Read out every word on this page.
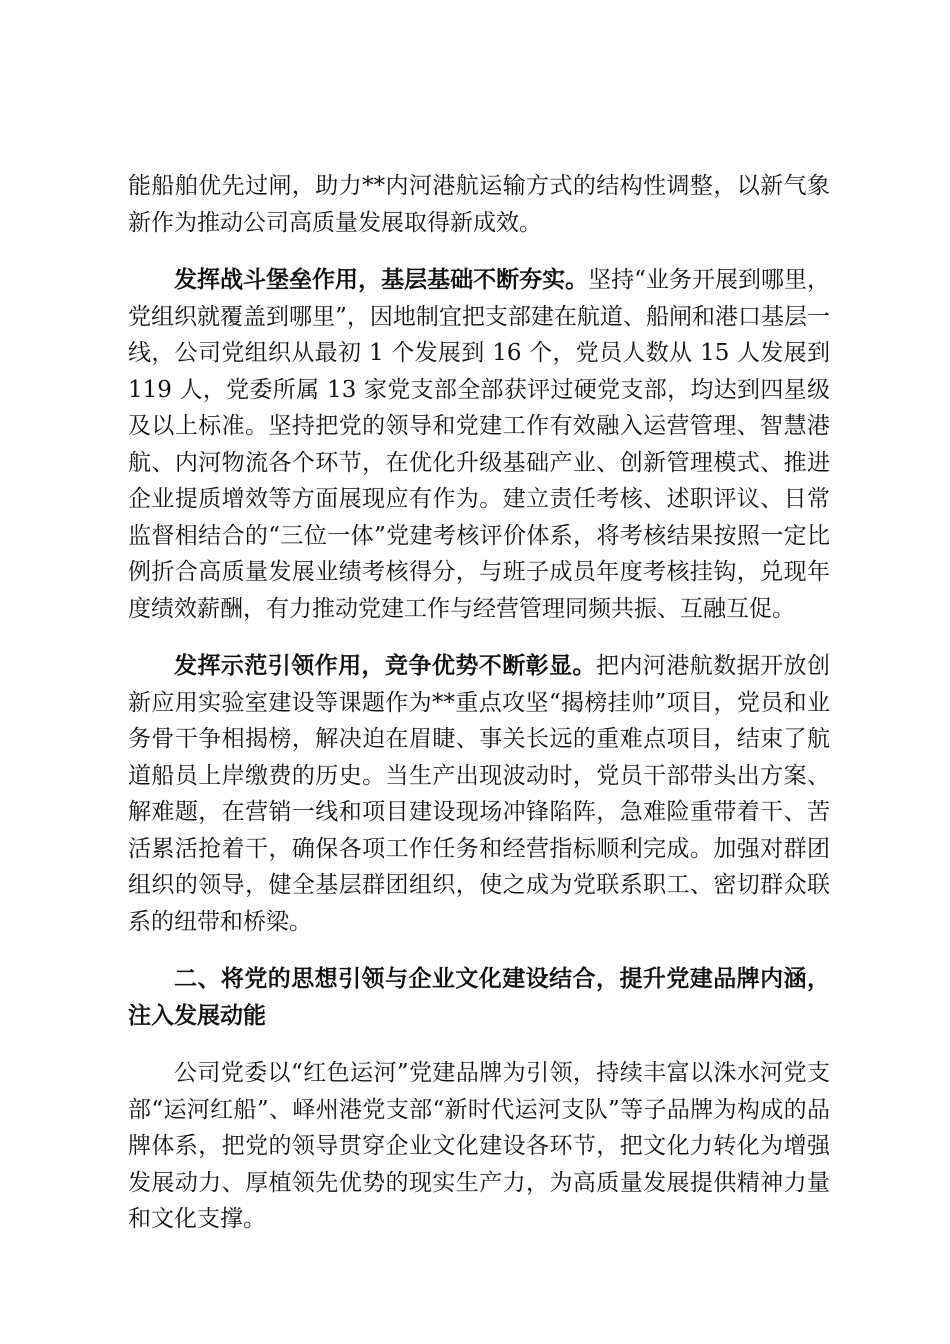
能船舶优先过闸，助力**内河港航运输方式的结构性调整，以新气象新作为推动公司高质量发展取得新成效。

发挥战斗堡垒作用，基层基础不断夯实。坚持“业务开展到哪里，党组织就覆盖到哪里”，因地制宜把支部建在航道、船闸和港口基层一线，公司党组织从最初 1 个发展到 16 个，党员人数从 15 人发展到 119 人，党委所属 13 家党支部全部获评过硬党支部，均达到四星级及以上标准。坚持把党的领导和党建工作有效融入运营管理、智慧港航、内河物流各个环节，在优化升级基础产业、创新管理模式、推进企业提质增效等方面展现应有作为。建立责任考核、述职评议、日常监督相结合的“三位一体”党建考核评价体系，将考核结果按照一定比例折合高质量发展业绩考核得分，与班子成员年度考核挂钩，兑现年度绩效薪酬，有力推动党建工作与经营管理同频共振、互融互促。

发挥示范引领作用，竞争优势不断彰显。把内河港航数据开放创新应用实验室建设等课题作为**重点攻坚“揭榜挂帅”项目，党员和业务骨干争相揭榜，解决迫在眉睫、事关长远的重难点项目，结束了航道船员上岸缴费的历史。当生产出现波动时，党员干部带头出方案、解难题，在营销一线和项目建设现场冲锋陷阵，急难险重带着干、苦活累活抢着干，确保各项工作任务和经营指标顺利完成。加强对群团组织的领导，健全基层群团组织，使之成为党联系职工、密切群众联系的纽带和桥梁。

二、将党的思想引领与企业文化建设结合，提升党建品牌内涵，注入发展动能

公司党委以“红色运河”党建品牌为引领，持续丰富以洙水河党支部“运河红船”、峄州港党支部“新时代运河支队”等子品牌为构成的品牌体系，把党的领导贯穿企业文化建设各环节，把文化力转化为增强发展动力、厚植领先优势的现实生产力，为高质量发展提供精神力量和文化支撑。
